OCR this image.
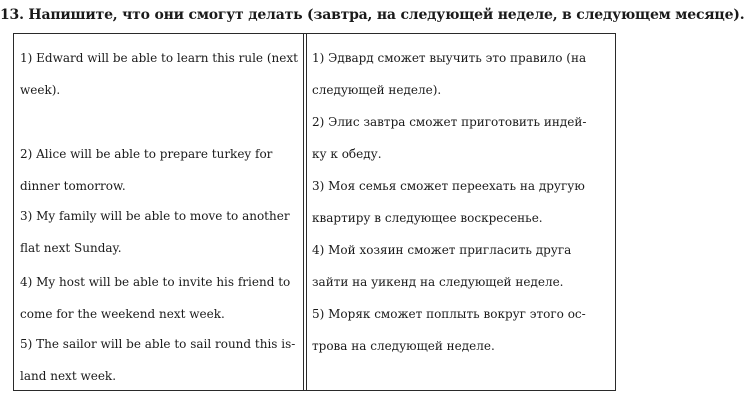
13. Напишите, что они смогут делать (завтра, на следующей неделе, в следующем месяце).

1) Edward will be able to learn this rule (next
week).

2) Alice will be able to prepare turkey for
dinner tomorrow.

3) My family will be able to move to another
flat next Sunday.

4) My host will be able to invite his friend to
come for the weekend next week.

5) The sailor will be able to sail round this is-
land next week.

1) Эдвард сможет выучить это правило (на
следующей неделе).

2) Элис завтра сможет приготовить индей-
ку к обеду.

3) Моя семья сможет переехать на другую
квартиру в следующее воскресенье.

4) Мой хозяин сможет пригласить друга
зайти на уикенд на следующей неделе.

5) Моряк сможет поплыть вокруг этого ос-
трова на следующей неделе.
